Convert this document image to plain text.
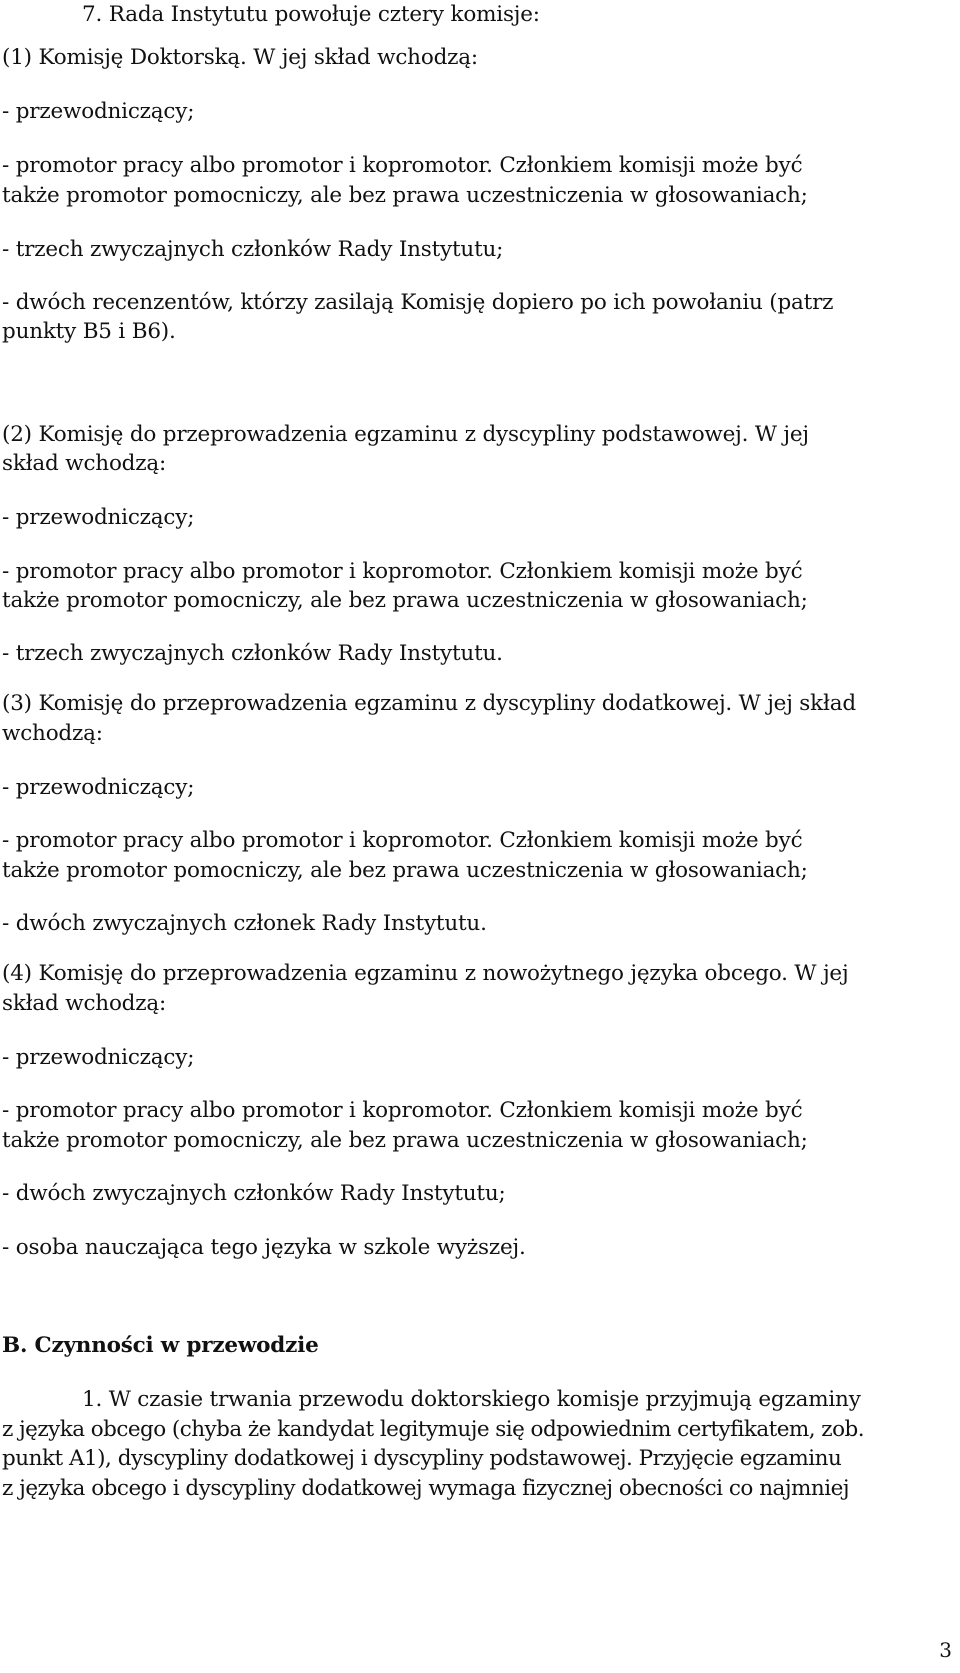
7. Rada Instytutu powołuje cztery komisje:

(1) Komisję Doktorską. W jej skład wchodzą:

- przewodniczący;

- promotor pracy albo promotor i kopromotor. Członkiem komisji może być

także promotor pomocniczy, ale bez prawa uczestniczenia w głosowaniach;

- trzech zwyczajnych członków Rady Instytutu;

- dwóch recenzentów, którzy zasilają Komisję dopiero po ich powołaniu (patrz

punkty B5 i B6).

(2) Komisję do przeprowadzenia egzaminu z dyscypliny podstawowej. W jej

skład wchodzą:

- przewodniczący;

- promotor pracy albo promotor i kopromotor. Członkiem komisji może być

także promotor pomocniczy, ale bez prawa uczestniczenia w głosowaniach;

- trzech zwyczajnych członków Rady Instytutu.

(3) Komisję do przeprowadzenia egzaminu z dyscypliny dodatkowej. W jej skład

wchodzą:

- przewodniczący;

- promotor pracy albo promotor i kopromotor. Członkiem komisji może być

także promotor pomocniczy, ale bez prawa uczestniczenia w głosowaniach;

- dwóch zwyczajnych członek Rady Instytutu.

(4) Komisję do przeprowadzenia egzaminu z nowożytnego języka obcego. W jej

skład wchodzą:

- przewodniczący;

- promotor pracy albo promotor i kopromotor. Członkiem komisji może być

także promotor pomocniczy, ale bez prawa uczestniczenia w głosowaniach;

- dwóch zwyczajnych członków Rady Instytutu;

- osoba nauczająca tego języka w szkole wyższej.

B. Czynności w przewodzie

1. W czasie trwania przewodu doktorskiego komisje przyjmują egzaminy

z języka obcego (chyba że kandydat legitymuje się odpowiednim certyfikatem, zob.

punkt A1), dyscypliny dodatkowej i dyscypliny podstawowej. Przyjęcie egzaminu

z języka obcego i dyscypliny dodatkowej wymaga fizycznej obecności co najmniej

3
